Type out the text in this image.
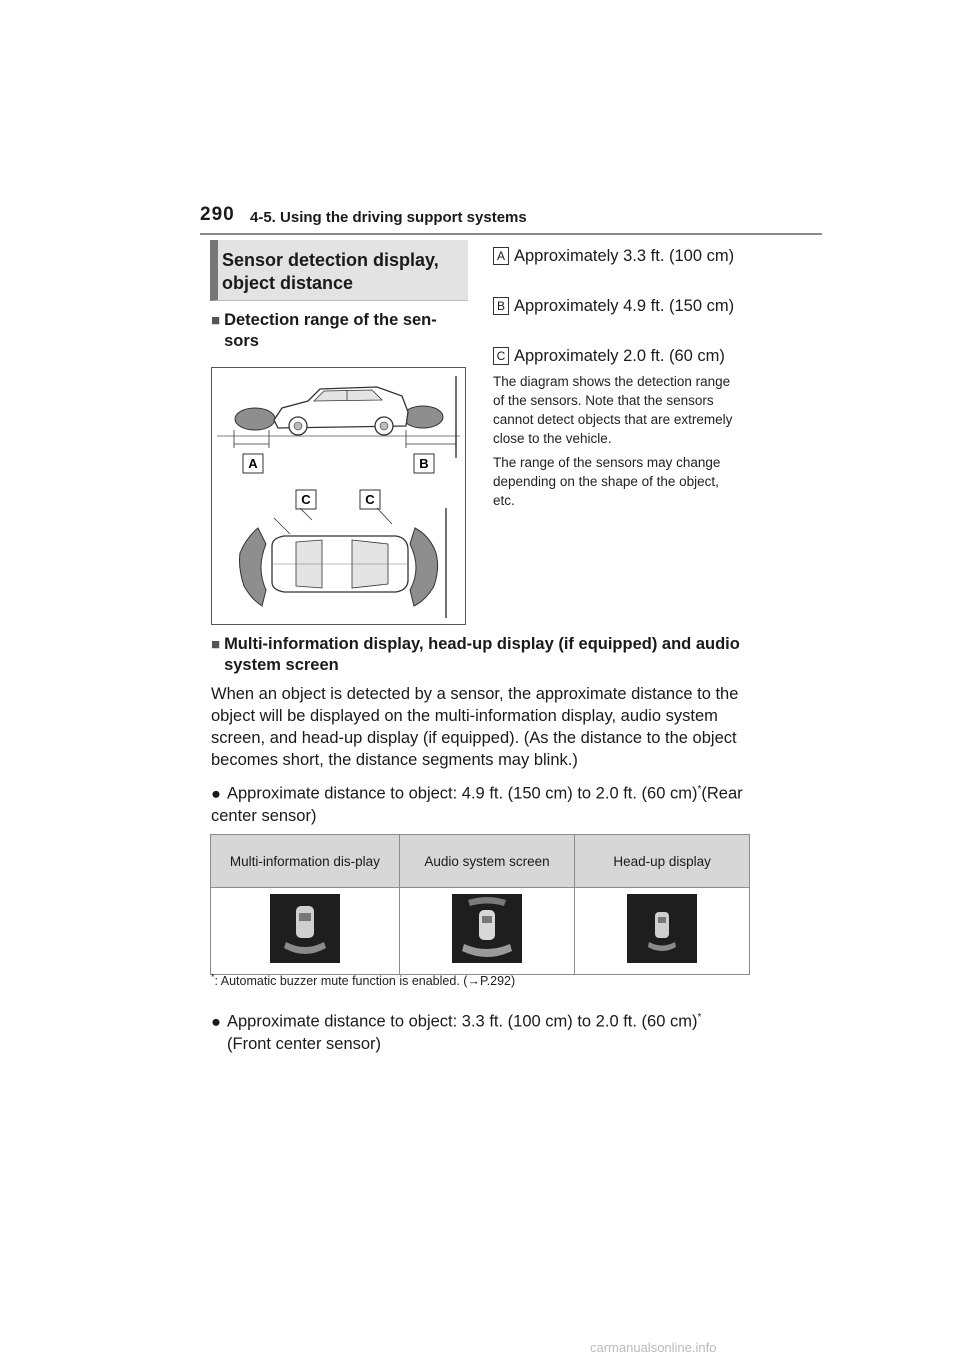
290 4-5. Using the driving support systems
Sensor detection display, object distance
■ Detection range of the sen-sors
A	B
C	C
A Approximately 3.3 ft. (100 cm)
B Approximately 4.9 ft. (150 cm)
C Approximately 2.0 ft. (60 cm)
The diagram shows the detection range of the sensors. Note that the sensors cannot detect objects that are extremely close to the vehicle.
The range of the sensors may change depending on the shape of the object, etc.
■ Multi-information display, head-up display (if equipped) and audio system screen
When an object is detected by a sensor, the approximate distance to the object will be displayed on the multi-information display, audio system screen, and head-up display (if equipped). (As the distance to the object becomes short, the distance segments may blink.)
● Approximate distance to object: 4.9 ft. (150 cm) to 2.0 ft. (60 cm)*(Rear center sensor)
Multi-information dis-play	Audio system screen	Head-up display

*: Automatic buzzer mute function is enabled. (→P.292)
● Approximate distance to object: 3.3 ft. (100 cm) to 2.0 ft. (60 cm)*
(Front center sensor)
carmanualsonline.info
